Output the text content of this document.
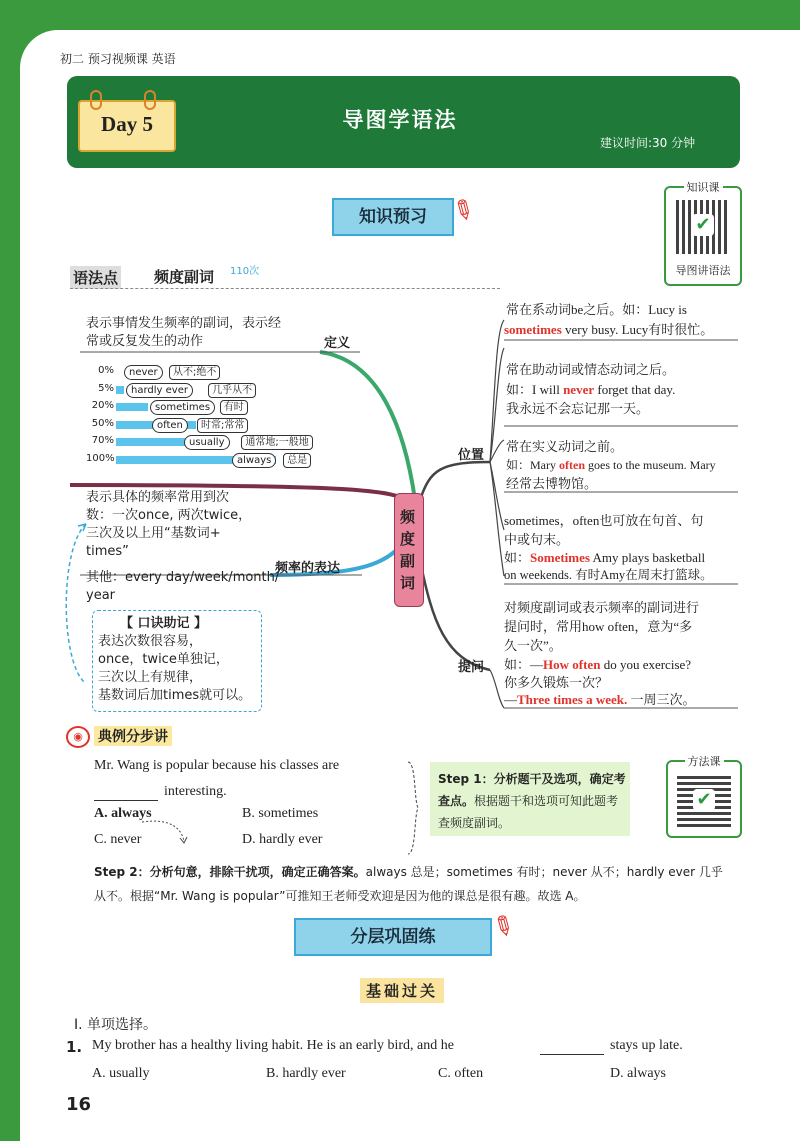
初二 预习视频课 英语
Day 5	导图学语法
建议时间:30 分钟
知识预习 ✎
知识课
✔
导图讲语法
语法点 频度副词 110次
频度副词
表示事情发生频率的副词，表示经
常或反复发生的动作	定义
0%	never	从不;绝不
5%	hardly ever	几乎从不
20%	sometimes	有时
50%	often	时常;常常
70%	usually	通常地;一般地
100%	always	总是
表示具体的频率常用到次
数：一次once, 两次twice，
三次及以上用“基数词+
times”
频率的表达
其他：every day/week/month/
year
【 口诀助记 】
表达次数很容易，
once，twice单独记，
三次以上有规律，
基数词后加times就可以。
位置
常在系动词be之后。如：Lucy is
sometimes very busy. Lucy有时很忙。
常在助动词或情态动词之后。
如：I will never forget that day.
我永远不会忘记那一天。
常在实义动词之前。
如：Mary often goes to the museum. Mary
经常去博物馆。
sometimes，often也可放在句首、句
中或句末。
如：Sometimes Amy plays basketball
on weekends. 有时Amy在周末打篮球。
提问
对频度副词或表示频率的副词进行
提问时，常用how often，意为“多
久一次”。
如：—How often do you exercise?
你多久锻炼一次？
—Three times a week. 一周三次。
◉	典例分步讲
Mr. Wang is popular because his classes are
interesting.
A. always	B. sometimes
C. never	D. hardly ever
Step 1：分析题干及选项，确定考查点。根据题干和选项可知此题考查频度副词。
方法课
✔
Step 2：分析句意，排除干扰项，确定正确答案。always 总是；sometimes 有时；never 从不；hardly ever 几乎
从不。根据“Mr. Wang is popular”可推知王老师受欢迎是因为他的课总是很有趣。故选 A。
分层巩固练	✎
基础过关
Ⅰ. 单项选择。
1. My brother has a healthy living habit. He is an early bird, and he	stays up late.
A. usually	B. hardly ever	C. often	D. always
16
